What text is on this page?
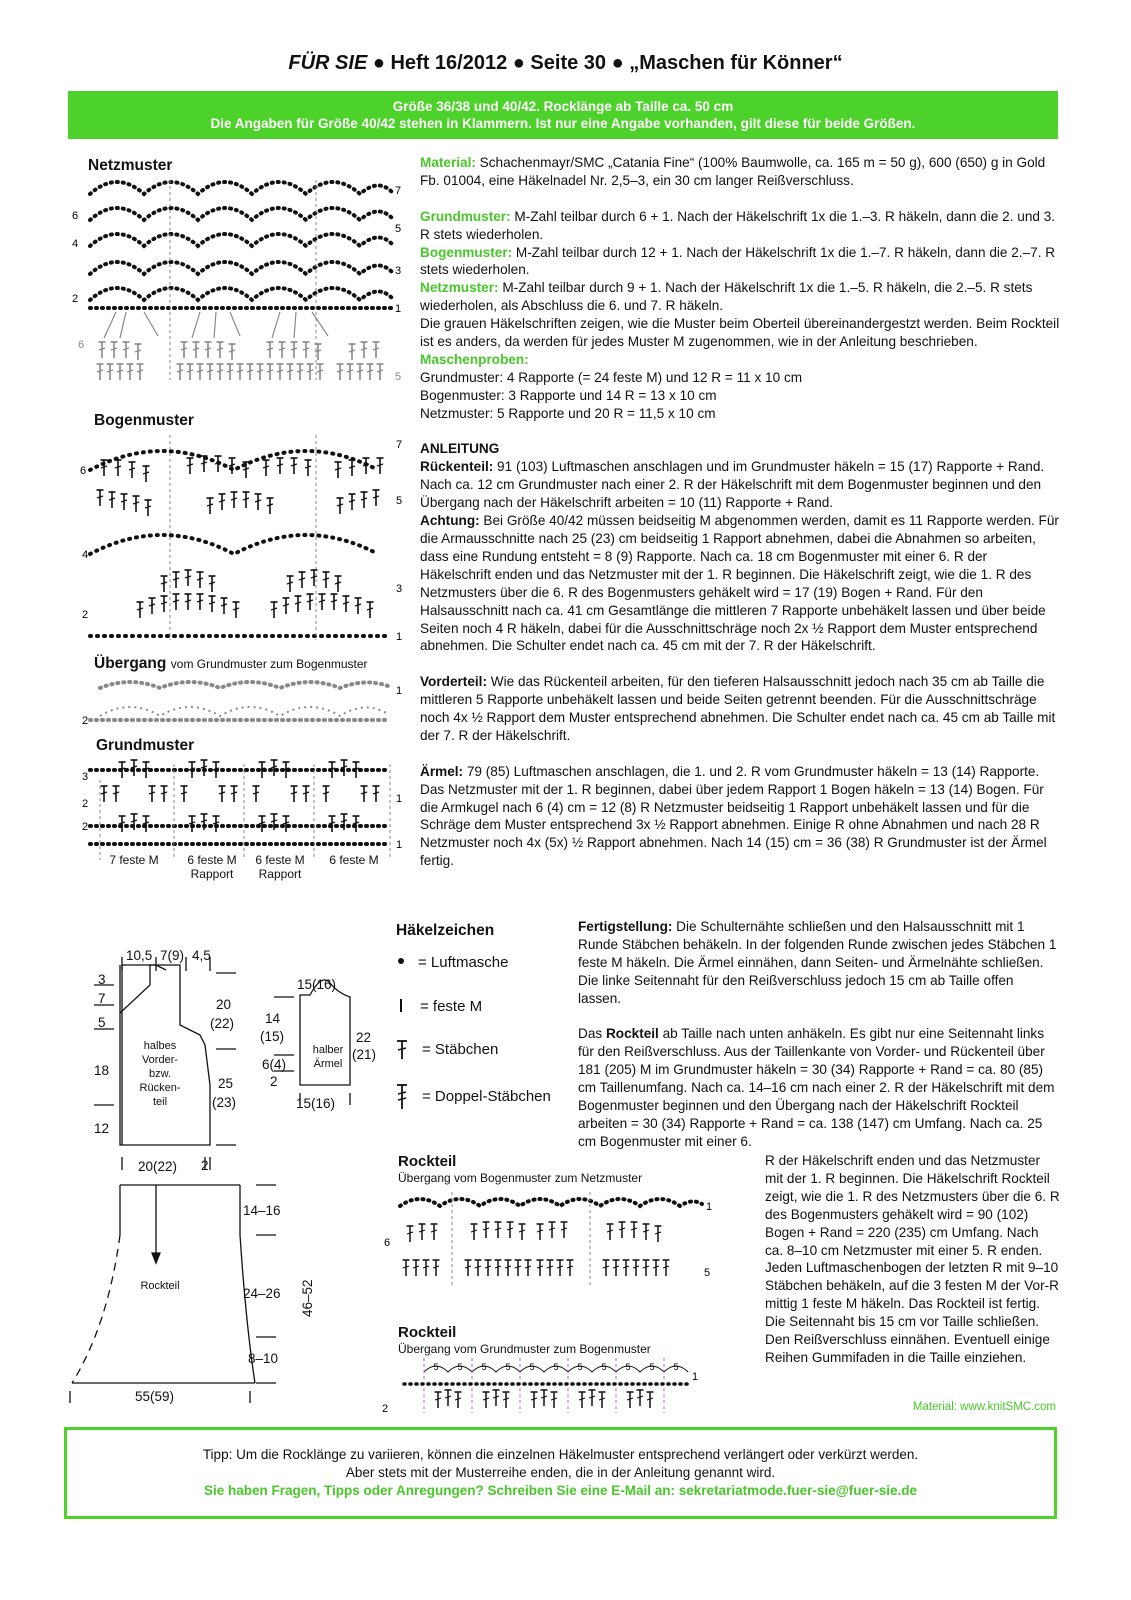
FÜR SIE ● Heft 16/2012 ● Seite 30 ● „Maschen für Könner“
Größe 36/38 und 40/42. Rocklänge ab Taille ca. 50 cm
Die Angaben für Größe 40/42 stehen in Klammern. Ist nur eine Angabe vorhanden, gilt diese für beide Größen.
Netzmuster
Bogenmuster
Übergang vom Grundmuster zum Bogenmuster
Grundmuster
7
6
5
4
3
2
1
6
5
7
6
5
4
3
2
1
1
2
3
2	1
2
1
7 feste M	6 feste M
Rapport
6 feste M
Rapport
6 feste M

Material: Schachenmayr/SMC „Catania Fine“ (100% Baumwolle, ca. 165 m = 50 g), 600 (650) g in Gold Fb. 01004, eine Häkelnadel Nr. 2,5–3, ein 30 cm langer Reißverschluss.

Grundmuster: M-Zahl teilbar durch 6 + 1. Nach der Häkelschrift 1x die 1.–3. R häkeln, dann die 2. und 3. R stets wiederholen.

Bogenmuster: M-Zahl teilbar durch 12 + 1. Nach der Häkelschrift 1x die 1.–7. R häkeln, dann die 2.–7. R stets wiederholen.

Netzmuster: M-Zahl teilbar durch 9 + 1. Nach der Häkelschrift 1x die 1.–5. R häkeln, die 2.–5. R stets wiederholen, als Abschluss die 6. und 7. R häkeln.

Die grauen Häkelschriften zeigen, wie die Muster beim Oberteil übereinandergestzt werden. Beim Rockteil ist es anders, da werden für jedes Muster M zugenommen, wie in der Anleitung beschrieben.

Maschenproben:

Grundmuster: 4 Rapporte (= 24 feste M) und 12 R = 11 x 10 cm

Bogenmuster: 3 Rapporte und 14 R = 13 x 10 cm

Netzmuster: 5 Rapporte und 20 R = 11,5 x 10 cm

ANLEITUNG

Rückenteil: 91 (103) Luftmaschen anschlagen und im Grundmuster häkeln = 15 (17) Rapporte + Rand. Nach ca. 12 cm Grundmuster nach einer 2. R der Häkelschrift mit dem Bogenmuster beginnen und den Übergang nach der Häkelschrift arbeiten = 10 (11) Rapporte + Rand.

Achtung: Bei Größe 40/42 müssen beidseitig M abgenommen werden, damit es 11 Rapporte werden. Für die Armausschnitte nach 25 (23) cm beidseitig 1 Rapport abnehmen, dabei die Abnahmen so arbeiten, dass eine Rundung entsteht = 8 (9) Rapporte. Nach ca. 18 cm Bogenmuster mit einer 6. R der Häkelschrift enden und das Netzmuster mit der 1. R beginnen. Die Häkelschrift zeigt, wie die 1. R des Netzmusters über die 6. R des Bogenmusters gehäkelt wird = 17 (19) Bogen + Rand. Für den Halsausschnitt nach ca. 41 cm Gesamtlänge die mittleren 7 Rapporte unbehäkelt lassen und über beide Seiten noch 4 R häkeln, dabei für die Ausschnittschräge noch 2x ½ Rapport dem Muster entsprechend abnehmen. Die Schulter endet nach ca. 45 cm mit der 7. R der Häkelschrift.

Vorderteil: Wie das Rückenteil arbeiten, für den tieferen Halsausschnitt jedoch nach 35 cm ab Taille die mittleren 5 Rapporte unbehäkelt lassen und beide Seiten getrennt beenden. Für die Ausschnittschräge noch 4x ½ Rapport dem Muster entsprechend abnehmen. Die Schulter endet nach ca. 45 cm ab Taille mit der 7. R der Häkelschrift.

Ärmel: 79 (85) Luftmaschen anschlagen, die 1. und 2. R vom Grundmuster häkeln = 13 (14) Rapporte. Das Netzmuster mit der 1. R beginnen, dabei über jedem Rapport 1 Bogen häkeln = 13 (14) Bogen. Für die Armkugel nach 6 (4) cm = 12 (8) R Netzmuster beidseitig 1 Rapport unbehäkelt lassen und für die Schräge dem Muster entsprechend 3x ½ Rapport abnehmen. Einige R ohne Abnahmen und nach 28 R Netzmuster noch 4x (5x) ½ Rapport abnehmen. Nach 14 (15) cm = 36 (38) R Grundmuster ist der Ärmel fertig.

10,5 7(9) 4,5
3
7
5
18
12
20
(22)
25
(23)
20(22) 2
15(16)
14
(15)
6(4)
2
22
(21)
15(16)
14–16
24–26
8–10
55(59)
46–52
halbes
Vorder-
bzw.
Rücken-
teil
halber
Ärmel
Rockteil
Häkelzeichen
= Luftmasche
= feste M
= Stäbchen
= Doppel-Stäbchen

Fertigstellung: Die Schulternähte schließen und den Halsausschnitt mit 1 Runde Stäbchen behäkeln. In der folgenden Runde zwischen jedes Stäbchen 1 feste M häkeln. Die Ärmel einnähen, dann Seiten- und Ärmelnähte schließen. Die linke Seitennaht für den Reißverschluss jedoch 15 cm ab Taille offen lassen.

Das Rockteil ab Taille nach unten anhäkeln. Es gibt nur eine Seitennaht links für den Reißverschluss. Aus der Taillenkante von Vorder- und Rückenteil über 181 (205) M im Grundmuster häkeln = 30 (34) Rapporte + Rand = ca. 80 (85) cm Taillenumfang. Nach ca. 14–16 cm nach einer 2. R der Häkelschrift mit dem Bogenmuster beginnen und den Übergang nach der Häkelschrift Rockteil arbeiten = 30 (34) Rapporte + Rand = ca. 138 (147) cm Umfang. Nach ca. 25 cm Bogenmuster mit einer 6.

R der Häkelschrift enden und das Netzmuster mit der 1. R beginnen. Die Häkelschrift Rockteil zeigt, wie die 1. R des Netzmusters über die 6. R des Bogenmusters gehäkelt wird = 90 (102) Bogen + Rand = 220 (235) cm Umfang. Nach ca. 8–10 cm Netzmuster mit einer 5. R enden. Jeden Luftmaschenbogen der letzten R mit 9–10 Stäbchen behäkeln, auf die 3 festen M der Vor-R mittig 1 feste M häkeln. Das Rockteil ist fertig. Die Seitennaht bis 15 cm vor Taille schließen. Den Reißverschluss einnähen. Eventuell einige Reihen Gummifaden in die Taille einziehen.

Rockteil
Übergang vom Bogenmuster zum Netzmuster
Rockteil
Übergang vom Grundmuster zum Bogenmuster
1
6
5
5 5 5 5 5 5 5 5 5 5 5
1
2	Material: www.knitSMC.com
Tipp: Um die Rocklänge zu variieren, können die einzelnen Häkelmuster entsprechend verlängert oder verkürzt werden.
Aber stets mit der Musterreihe enden, die in der Anleitung genannt wird.
Sie haben Fragen, Tipps oder Anregungen? Schreiben Sie eine E-Mail an: sekretariatmode.fuer-sie@fuer-sie.de
